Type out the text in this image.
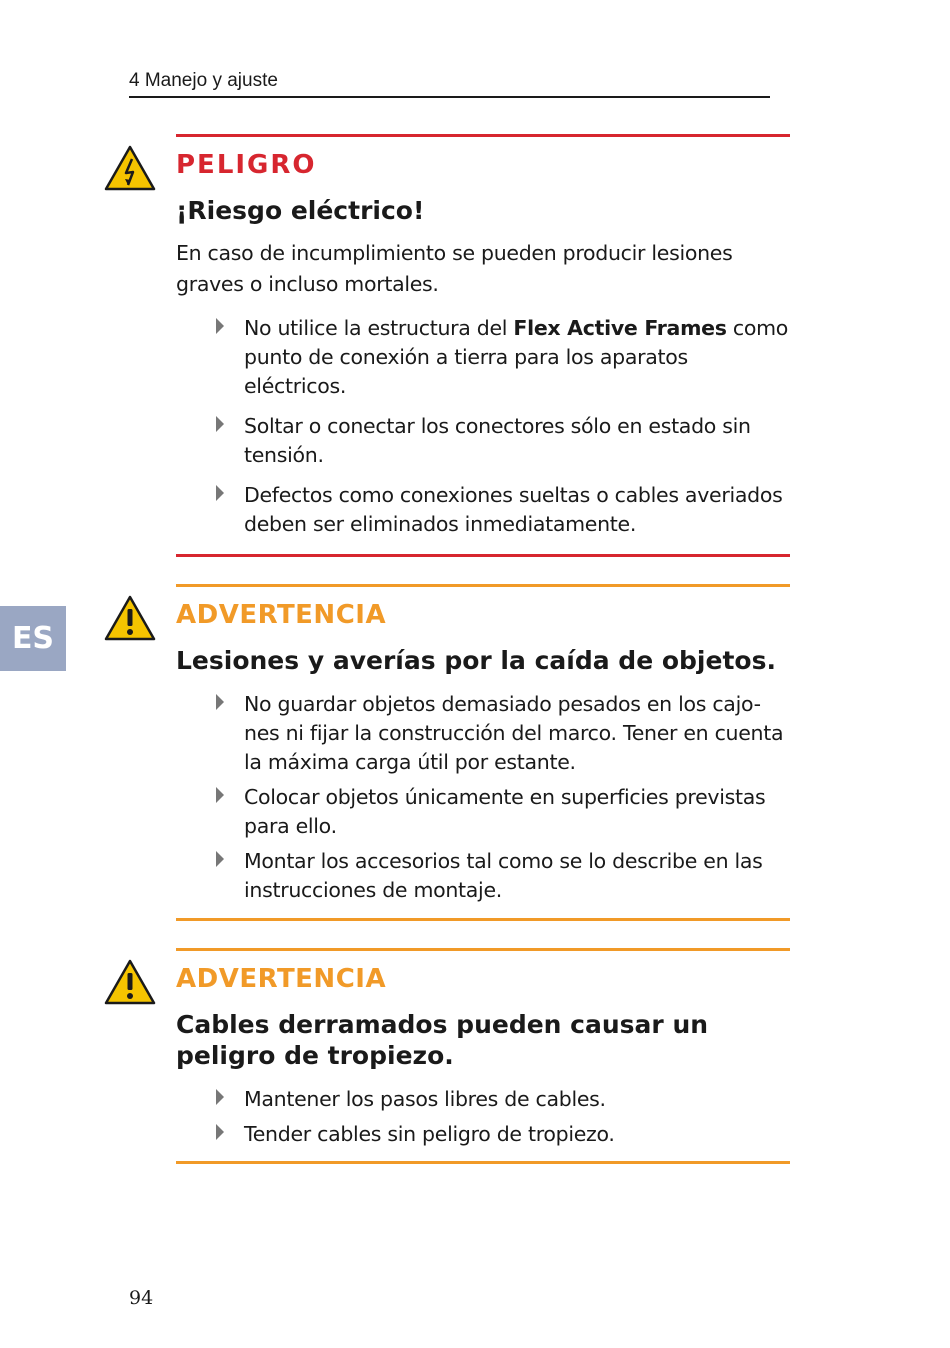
4 Manejo y ajuste
ES
PELIGRO
¡Riesgo eléctrico!
En caso de incumplimiento se pueden producir lesiones graves o incluso mortales.
No utilice la estructura del Flex Active Frames como punto de conexión a tierra para los aparatos eléctricos.
Soltar o conectar los conectores sólo en estado sin tensión.
Defectos como conexiones sueltas o cables averiados deben ser eliminados inmediatamente.
ADVERTENCIA
Lesiones y averías por la caída de objetos.
No guardar objetos demasiado pesados en los cajo-nes ni fijar la construcción del marco. Tener en cuenta la máxima carga útil por estante.
Colocar objetos únicamente en superficies previstas para ello.
Montar los accesorios tal como se lo describe en las instrucciones de montaje.
ADVERTENCIA
Cables derramados pueden causar un peligro de tropiezo.
Mantener los pasos libres de cables.
Tender cables sin peligro de tropiezo.
94
